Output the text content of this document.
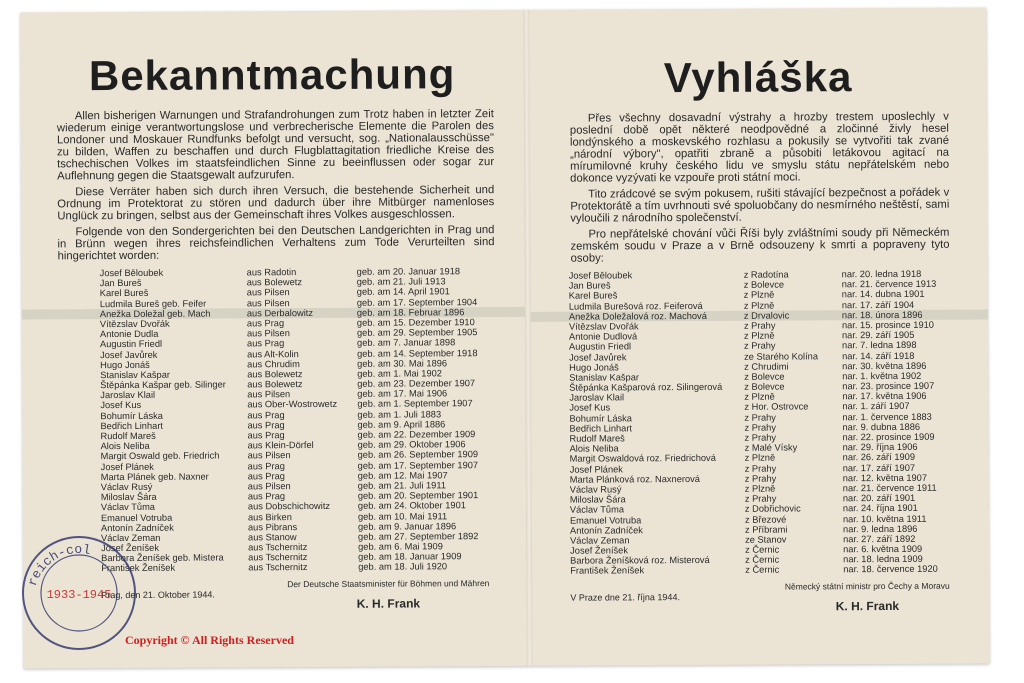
Bekanntmachung

Allen bisherigen Warnungen und Strafandrohungen zum Trotz haben in letzter Zeit wiederum einige verantwortungslose und verbrecherische Elemente die Parolen des Londoner und Moskauer Rundfunks befolgt und versucht, sog. „Nationalausschüsse" zu bilden, Waffen zu beschaffen und durch Flugblattagitation friedliche Kreise des tschechischen Volkes im staatsfeindlichen Sinne zu beeinflussen oder sogar zur Auflehnung gegen die Staatsgewalt aufzurufen.

Diese Verräter haben sich durch ihren Versuch, die bestehende Sicherheit und Ordnung im Protektorat zu stören und dadurch über ihre Mitbürger namenloses Unglück zu bringen, selbst aus der Gemeinschaft ihres Volkes ausgeschlossen.

Folgende von den Sondergerichten bei den Deutschen Landgerichten in Prag und in Brünn wegen ihres reichsfeindlichen Verhaltens zum Tode Verurteilten sind hingerichtet worden:

Josef Běloubek	aus Radotin	geb. am 20. Januar 1918
Jan Bureš	aus Bolewetz	geb. am 21. Juli 1913
Karel Bureš	aus Pilsen	geb. am 14. April 1901
Ludmila Bureš geb. Feifer	aus Pilsen	geb. am 17. September 1904
Anežka Doležal geb. Mach	aus Derbalowitz	geb. am 18. Februar 1896
Vítězslav Dvořák	aus Prag	geb. am 15. Dezember 1910
Antonie Dudla	aus Pilsen	geb. am 29. September 1905
Augustin Friedl	aus Prag	geb. am 7. Januar 1898
Josef Javůrek	aus Alt-Kolin	geb. am 14. September 1918
Hugo Jonáš	aus Chrudim	geb. am 30. Mai 1896
Stanislav Kašpar	aus Bolewetz	geb. am 1. Mai 1902
Štěpánka Kašpar geb. Silinger aus Bolewetz	geb. am 23. Dezember 1907
Jaroslav Klail	aus Pilsen	geb. am 17. Mai 1906
Josef Kus	aus Ober-Wostrowetz geb. am 1. September 1907
Bohumír Láska	aus Prag	geb. am 1. Juli 1883
Bedřich Linhart	aus Prag	geb. am 9. April 1886
Rudolf Mareš	aus Prag	geb. am 22. Dezember 1909
Alois Neliba	aus Klein-Dörfel	geb. am 29. Oktober 1906
Margit Oswald geb. Friedrich	aus Pilsen	geb. am 26. September 1909
Josef Plánek	aus Prag	geb. am 17. September 1907
Marta Plánek geb. Naxner	aus Prag	geb. am 12. Mai 1907
Václav Rusý	aus Pilsen	geb. am 21. Juli 1911
Miloslav Šára	aus Prag	geb. am 20. September 1901
Václav Tůma	aus Dobschichowitz	geb. am 24. Oktober 1901
Emanuel Votruba	aus Birken	geb. am 10. Mai 1911
Antonín Zadníček	aus Pibrans	geb. am 9. Januar 1896
Václav Zeman	aus Stanow	geb. am 27. September 1892
Josef Ženíšek	aus Tschernitz	geb. am 6. Mai 1909
Barbora Ženíšek geb. Mistera	aus Tschernitz	geb. am 18. Januar 1909
František Ženíšek	aus Tschernitz	geb. am 18. Juli 1920
Prag, den 21. Oktober 1944.
Der Deutsche Staatsminister für Böhmen und Mähren
K. H. Frank
Vyhláška

Přes všechny dosavadní výstrahy a hrozby trestem uposlechly v poslední době opět některé neodpovědné a zločinné živly hesel londýnského a moskevského rozhlasu a pokusily se vytvořiti tak zvané „národní výbory", opatřiti zbraně a působiti letákovou agitací na mírumilovné kruhy českého lidu ve smyslu státu nepřátelském nebo dokonce vyzývati ke vzpouře proti státní moci.

Tito zrádcové se svým pokusem, rušiti stávající bezpečnost a pořádek v Protektorátě a tím uvrhnouti své spoluobčany do nesmírného neštěstí, sami vyloučili z národního společenství.

Pro nepřátelské chování vůči Říši byly zvláštními soudy při Německém zemském soudu v Praze a v Brně odsouzeny k smrti a popraveny tyto osoby:

Josef Běloubek	z Radotína	nar. 20. ledna 1918
Jan Bureš	z Bolevce	nar. 21. července 1913
Karel Bureš	z Plzně	nar. 14. dubna 1901
Ludmila Burešová roz. Feiferová	z Plzně	nar. 17. září 1904
Anežka Doležalová roz. Machová	z Drvalovic	nar. 18. února 1896
Vítězslav Dvořák	z Prahy	nar. 15. prosince 1910
Antonie Dudlová	z Plzně	nar. 29. září 1905
Augustin Friedl	z Prahy	nar. 7. ledna 1898
Josef Javůrek	ze Starého Kolína	nar. 14. září 1918
Hugo Jonáš	z Chrudimi	nar. 30. května 1896
Stanislav Kašpar	z Bolevce	nar. 1. května 1902
Štěpánka Kašparová roz. Silingerová z Bolevce	nar. 23. prosince 1907
Jaroslav Klail	z Plzně	nar. 17. května 1906
Josef Kus	z Hor. Ostrovce	nar. 1. září 1907
Bohumír Láska	z Prahy	nar. 1. července 1883
Bedřich Linhart	z Prahy	nar. 9. dubna 1886
Rudolf Mareš	z Prahy	nar. 22. prosince 1909
Alois Neliba	z Malé Vísky	nar. 29. října 1906
Margit Oswaldová roz. Friedrichová	z Plzně	nar. 26. září 1909
Josef Plánek	z Prahy	nar. 17. září 1907
Marta Plánková roz. Naxnerová	z Prahy	nar. 12. května 1907
Václav Rusý	z Plzně	nar. 21. července 1911
Miloslav Šára	z Prahy	nar. 20. září 1901
Václav Tůma	z Dobřichovic	nar. 24. října 1901
Emanuel Votruba	z Březové	nar. 10. května 1911
Antonín Zadníček	z Příbrami	nar. 9. ledna 1896
Václav Zeman	ze Stanov	nar. 27. září 1892
Josef Ženíšek	z Černic	nar. 6. května 1909
Barbora Ženíšková roz. Misterová	z Černic	nar. 18. ledna 1909
František Ženíšek	z Černic	nar. 18. července 1920
V Praze dne 21. října 1944.
Německý státní ministr pro Čechy a Moravu
K. H. Frank
reich-col
1933-1945
Copyright © All Rights Reserved
